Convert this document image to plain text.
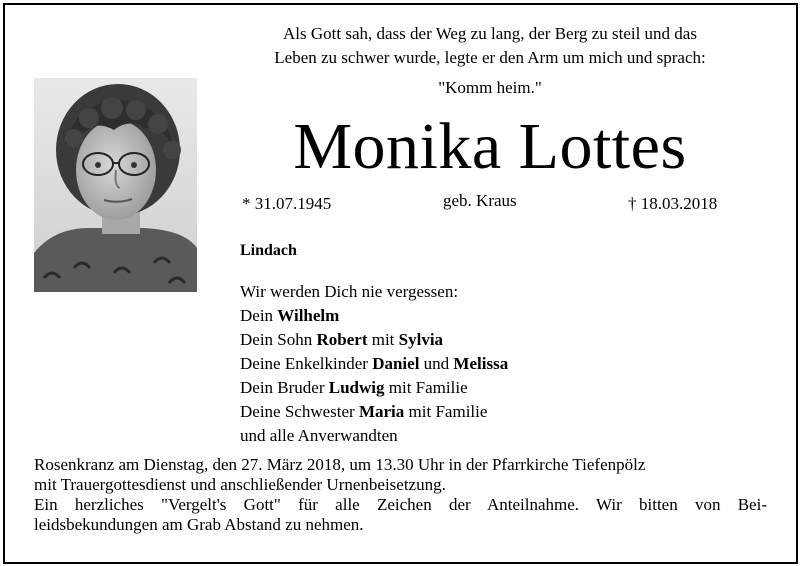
Als Gott sah, dass der Weg zu lang, der Berg zu steil und das
Leben zu schwer wurde, legte er den Arm um mich und sprach:
"Komm heim."
Monika Lottes
* 31.07.1945	geb. Kraus	† 18.03.2018
Lindach
Wir werden Dich nie vergessen:
Dein Wilhelm
Dein Sohn Robert mit Sylvia
Deine Enkelkinder Daniel und Melissa
Dein Bruder Ludwig mit Familie
Deine Schwester Maria mit Familie
und alle Anverwandten
Rosenkranz am Dienstag, den 27. März 2018, um 13.30 Uhr in der Pfarrkirche Tiefenpölz
mit Trauergottesdienst und anschließender Urnenbeisetzung.
Ein herzliches "Vergelt's Gott" für alle Zeichen der Anteilnahme. Wir bitten von Bei-
leidsbekundungen am Grab Abstand zu nehmen.
